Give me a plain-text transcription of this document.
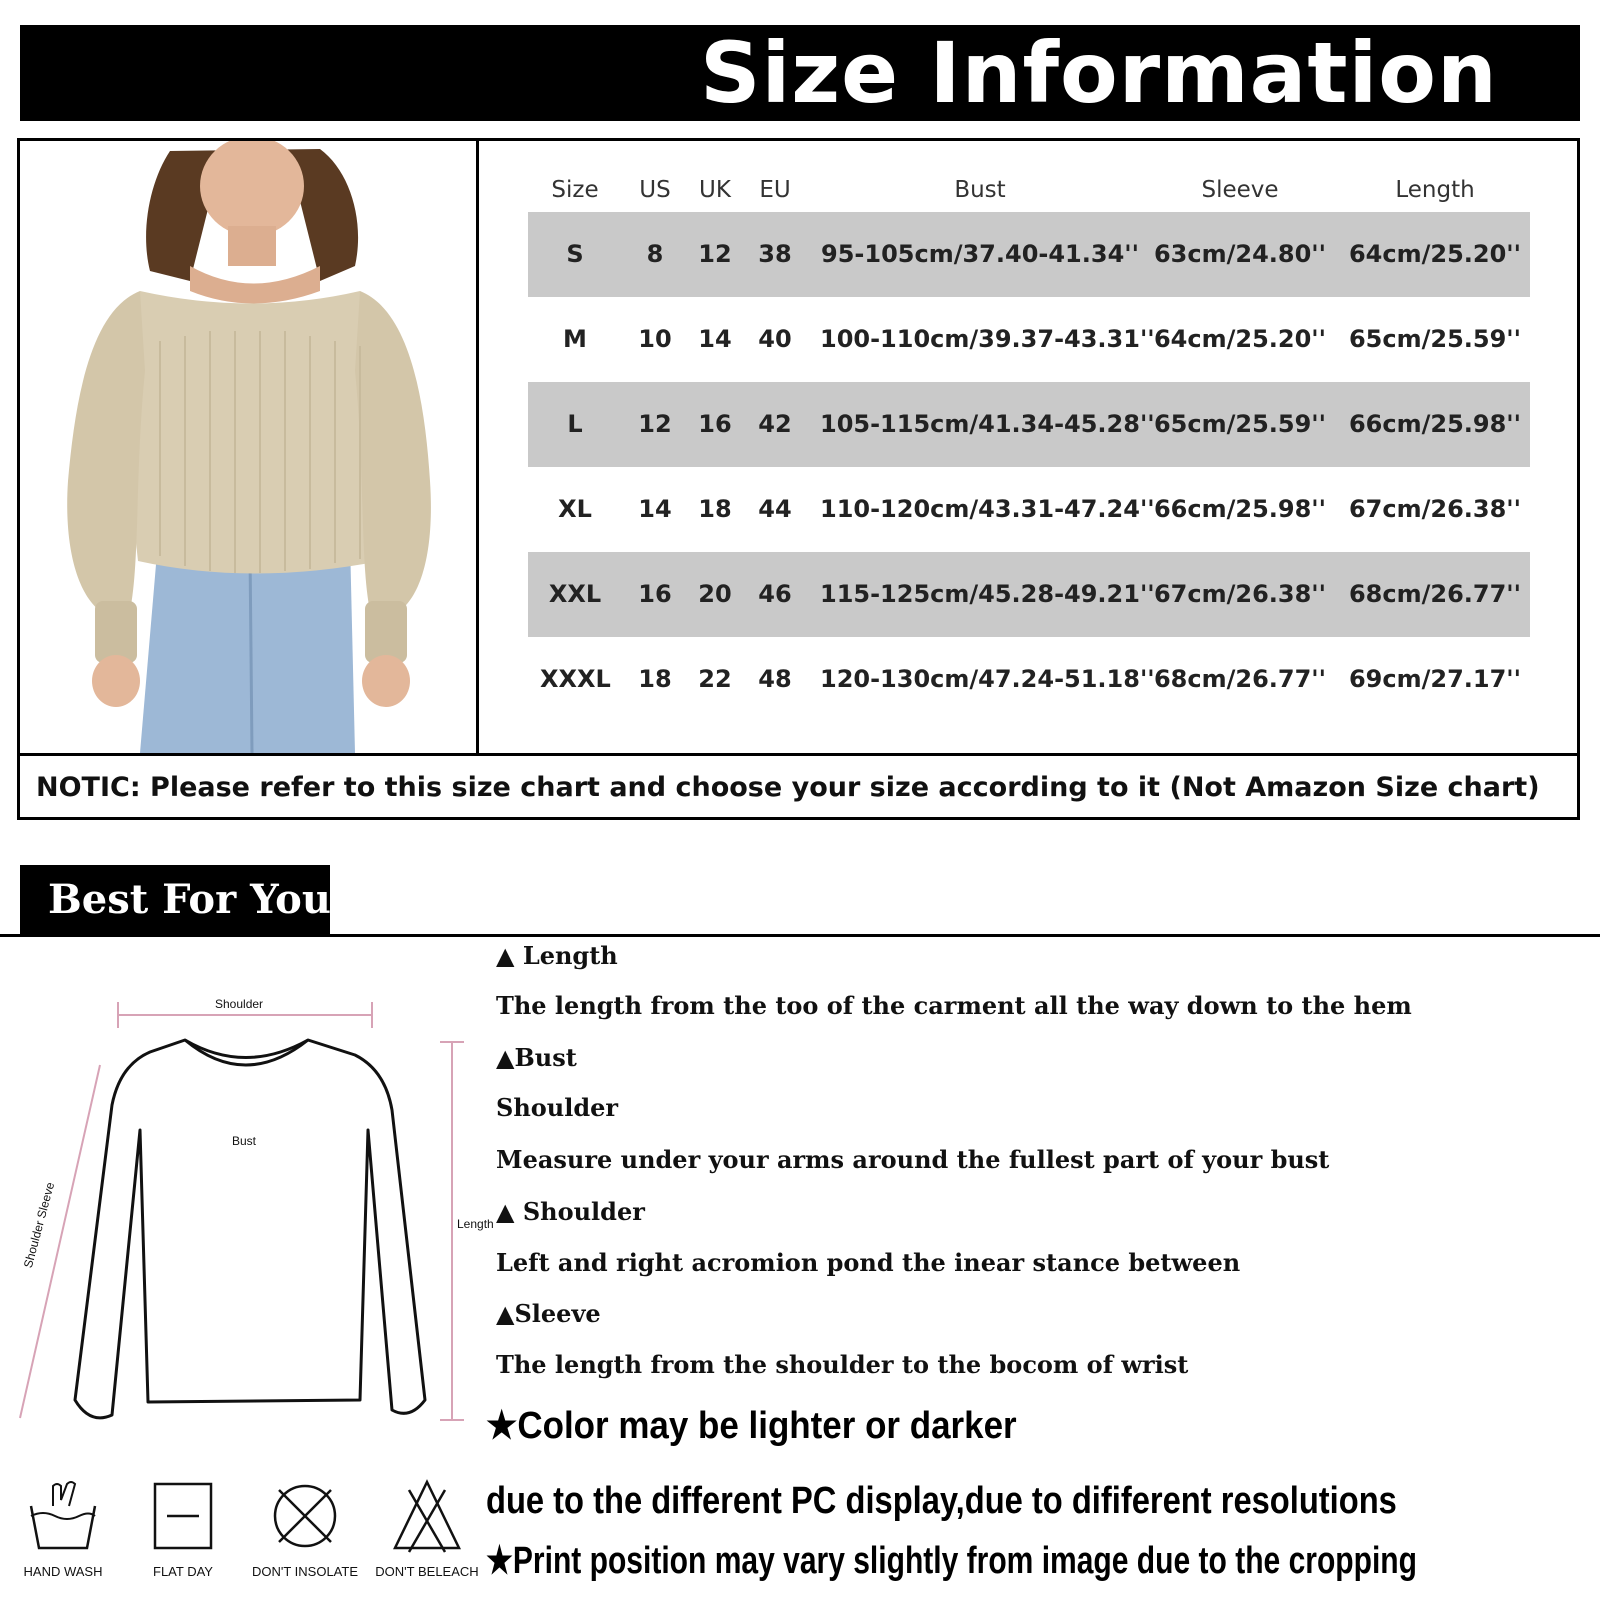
Size Information
NOTIC: Please refer to this size chart and choose your size according to it (Not Amazon Size chart)
Size	US	UK	EU	Bust	Sleeve	Length
S	8	12	38	95-105cm/37.40-41.34'' 63cm/24.80'' 64cm/25.20''
M	10	14	40	100-110cm/39.37-43.31'' 64cm/25.20'' 65cm/25.59''
L	12	16	42	105-115cm/41.34-45.28'' 65cm/25.59'' 66cm/25.98''
XL	14	18	44	110-120cm/43.31-47.24'' 66cm/25.98'' 67cm/26.38''
XXL	16	20	46	115-125cm/45.28-49.21'' 67cm/26.38'' 68cm/26.77''
XXXL	18	22	48	120-130cm/47.24-51.18'' 68cm/26.77'' 69cm/27.17''
Best For You
Shoulder
Bust
Length
Shoulder Sleeve
▲ Length
The length from the too of the carment all the way down to the hem
▲Bust
Shoulder
Measure under your arms around the fullest part of your bust
▲ Shoulder
Left and right acromion pond the inear stance between
▲Sleeve
The length from the shoulder to the bocom of wrist
★Color may be lighter or darker
due to the different PC display,due to dififerent resolutions
★Print position may vary slightly from image due to the cropping
HAND WASH	FLAT DAY	DON'T INSOLATE	DON'T BELEACH
